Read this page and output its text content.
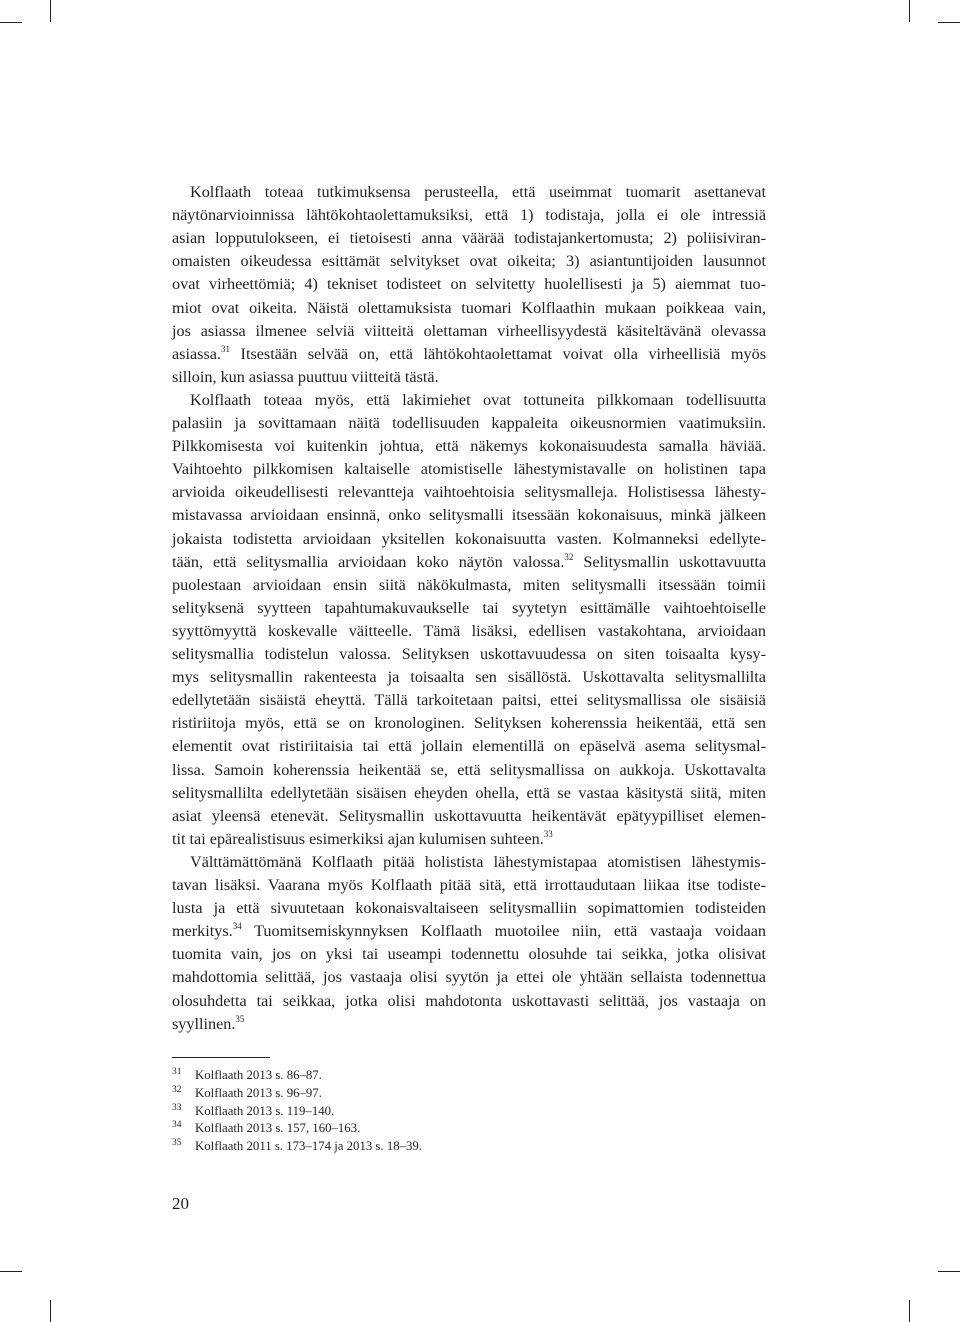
Kolflaath toteaa tutkimuksensa perusteella, että useimmat tuomarit asettanevat
näytönarvioinnissa lähtökohtaolettamuksiksi, että 1) todistaja, jolla ei ole intressiä
asian lopputulokseen, ei tietoisesti anna väärää todistajankertomusta; 2) poliisiviran-
omaisten oikeudessa esittämät selvitykset ovat oikeita; 3) asiantuntijoiden lausunnot
ovat virheettömiä; 4) tekniset todisteet on selvitetty huolellisesti ja 5) aiemmat tuo-
miot ovat oikeita. Näistä olettamuksista tuomari Kolflaathin mukaan poikkeaa vain,
jos asiassa ilmenee selviä viitteitä olettaman virheellisyydestä käsiteltävänä olevassa
asiassa.$^{31}$ Itsestään selvää on, että lähtökohtaolettamat voivat olla virheellisiä myös
silloin, kun asiassa puuttuu viitteitä tästä.
Kolflaath toteaa myös, että lakimiehet ovat tottuneita pilkkomaan todellisuutta
palasiin ja sovittamaan näitä todellisuuden kappaleita oikeusnormien vaatimuksiin.
Pilkkomisesta voi kuitenkin johtua, että näkemys kokonaisuudesta samalla häviää.
Vaihtoehto pilkkomisen kaltaiselle atomistiselle lähestymistavalle on holistinen tapa
arvioida oikeudellisesti relevantteja vaihtoehtoisia selitysmalleja. Holistisessa lähesty-
mistavassa arvioidaan ensinnä, onko selitysmalli itsessään kokonaisuus, minkä jälkeen
jokaista todistetta arvioidaan yksitellen kokonaisuutta vasten. Kolmanneksi edellyte-
tään, että selitysmallia arvioidaan koko näytön valossa.$^{32}$ Selitysmallin uskottavuutta
puolestaan arvioidaan ensin siitä näkökulmasta, miten selitysmalli itsessään toimii
selityksenä syytteen tapahtumakuvaukselle tai syytetyn esittämälle vaihtoehtoiselle
syyttömyyttä koskevalle väitteelle. Tämä lisäksi, edellisen vastakohtana, arvioidaan
selitysmallia todistelun valossa. Selityksen uskottavuudessa on siten toisaalta kysy-
mys selitysmallin rakenteesta ja toisaalta sen sisällöstä. Uskottavalta selitysmallilta
edellytetään sisäistä eheyttä. Tällä tarkoitetaan paitsi, ettei selitysmallissa ole sisäisiä
ristiriitoja myös, että se on kronologinen. Selityksen koherenssia heikentää, että sen
elementit ovat ristiriitaisia tai että jollain elementillä on epäselvä asema selitysmal-
lissa. Samoin koherenssia heikentää se, että selitysmallissa on aukkoja. Uskottavalta
selitysmallilta edellytetään sisäisen eheyden ohella, että se vastaa käsitystä siitä, miten
asiat yleensä etenevät. Selitysmallin uskottavuutta heikentävät epätyypilliset elemen-
tit tai epärealistisuus esimerkiksi ajan kulumisen suhteen.$^{33}$
Välttämättömänä Kolflaath pitää holistista lähestymistapaa atomistisen lähestymis-
tavan lisäksi. Vaarana myös Kolflaath pitää sitä, että irrottaudutaan liikaa itse todiste-
lusta ja että sivuutetaan kokonaisvaltaiseen selitysmalliin sopimattomien todisteiden
merkitys.$^{34}$ Tuomitsemiskynnyksen Kolflaath muotoilee niin, että vastaaja voidaan
tuomita vain, jos on yksi tai useampi todennettu olosuhde tai seikka, jotka olisivat
mahdottomia selittää, jos vastaaja olisi syytön ja ettei ole yhtään sellaista todennettua
olosuhdetta tai seikkaa, jotka olisi mahdotonta uskottavasti selittää, jos vastaaja on
syyllinen.$^{35}$
31 Kolflaath 2013 s. 86–87.
32 Kolflaath 2013 s. 96–97.
33 Kolflaath 2013 s. 119–140.
34 Kolflaath 2013 s. 157, 160–163.
35 Kolflaath 2011 s. 173–174 ja 2013 s. 18–39.
20
